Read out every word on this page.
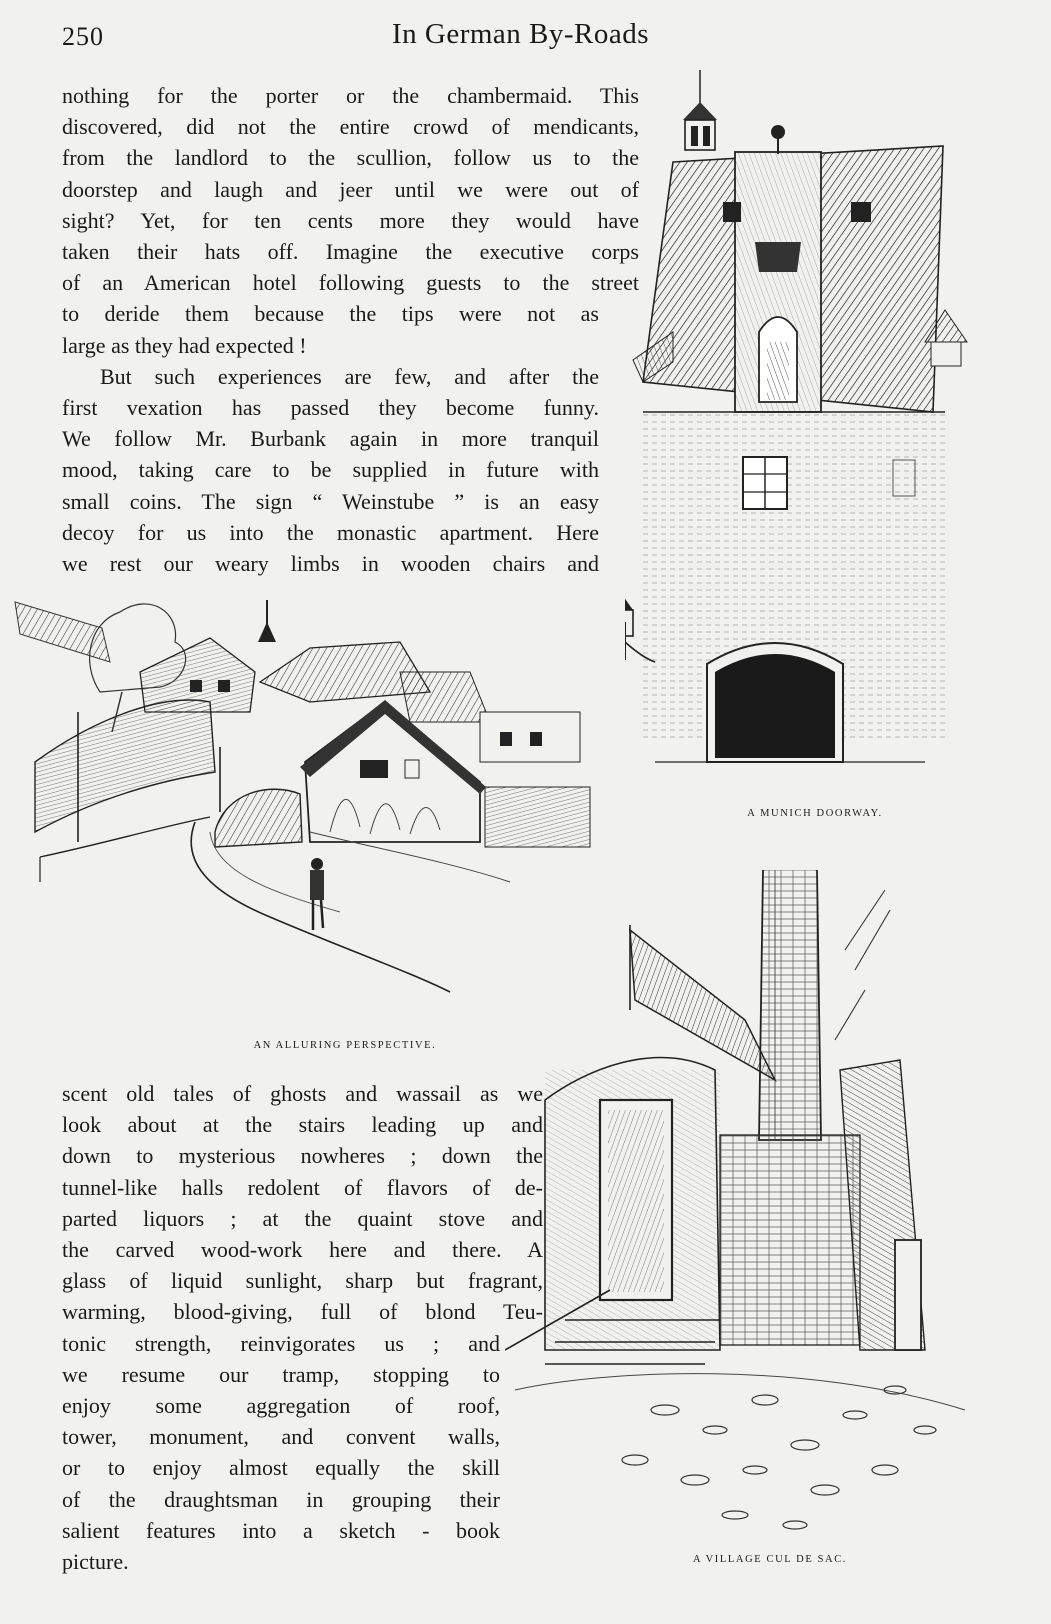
250	In German By-Roads
nothing for the porter or the chambermaid. This
discovered, did not the entire crowd of mendicants,
from the landlord to the scullion, follow us to the
doorstep and laugh and jeer until we were out of
sight? Yet, for ten cents more they would have
taken their hats off. Imagine the executive corps
of an American hotel following guests to the street
to deride them because the tips were not as
large as they had expected !
But such experiences are few, and after the
first vexation has passed they become funny.
We follow Mr. Burbank again in more tranquil
mood, taking care to be supplied in future with
small coins. The sign “ Weinstube ” is an easy
decoy for us into the monastic apartment. Here
we rest our weary limbs in wooden chairs and
A MUNICH DOORWAY.
AN ALLURING PERSPECTIVE.
A VILLAGE CUL DE SAC.
scent old tales of ghosts and wassail as we
look about at the stairs leading up and
down to mysterious nowheres ; down the
tunnel-like halls redolent of flavors of de-
parted liquors ; at the quaint stove and
the carved wood-work here and there. A
glass of liquid sunlight, sharp but fragrant,
warming, blood-giving, full of blond Teu-
tonic strength, reinvigorates us ; and
we resume our tramp, stopping to
enjoy some aggregation of roof,
tower, monument, and convent walls,
or to enjoy almost equally the skill
of the draughtsman in grouping their
salient features into a sketch - book
picture.
